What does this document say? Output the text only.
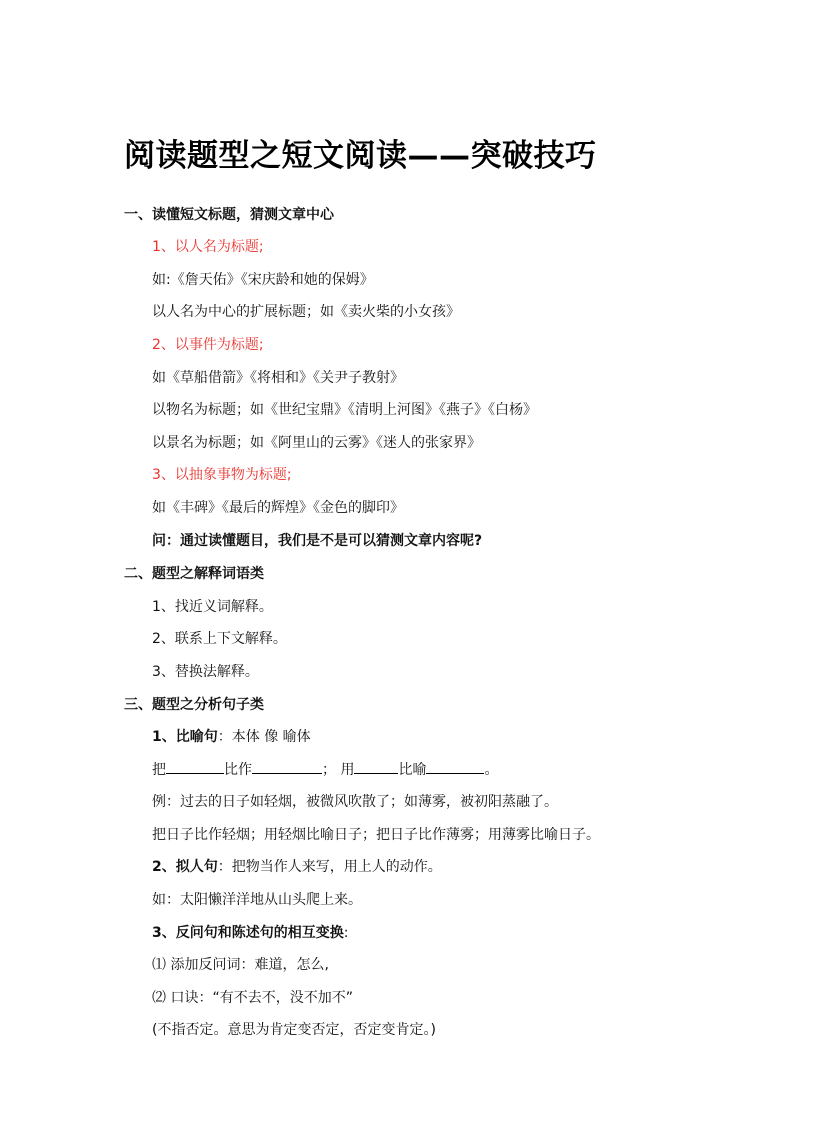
阅读题型之短文阅读——突破技巧
一、读懂短文标题，猜测文章中心
1、以人名为标题;
如:《詹天佑》《宋庆龄和她的保姆》
以人名为中心的扩展标题；如《卖火柴的小女孩》
2、以事件为标题;
如《草船借箭》《将相和》《关尹子教射》
以物名为标题；如《世纪宝鼎》《清明上河图》《燕子》《白杨》
以景名为标题；如《阿里山的云雾》《迷人的张家界》
3、以抽象事物为标题;
如《丰碑》《最后的辉煌》《金色的脚印》
问：通过读懂题目，我们是不是可以猜测文章内容呢?
二、题型之解释词语类
1、找近义词解释。
2、联系上下文解释。
3、替换法解释。
三、题型之分析句子类
1、比喻句：本体 像 喻体
把	比作	； 用	比喻	。
例：过去的日子如轻烟，被微风吹散了；如薄雾，被初阳蒸融了。
把日子比作轻烟；用轻烟比喻日子；把日子比作薄雾；用薄雾比喻日子。
2、拟人句：把物当作人来写，用上人的动作。
如：太阳懒洋洋地从山头爬上来。
3、反问句和陈述句的相互变换:
⑴ 添加反问词：难道，怎么,
⑵ 口诀：“有不去不，没不加不”
(不指否定。意思为肯定变否定，否定变肯定。)
